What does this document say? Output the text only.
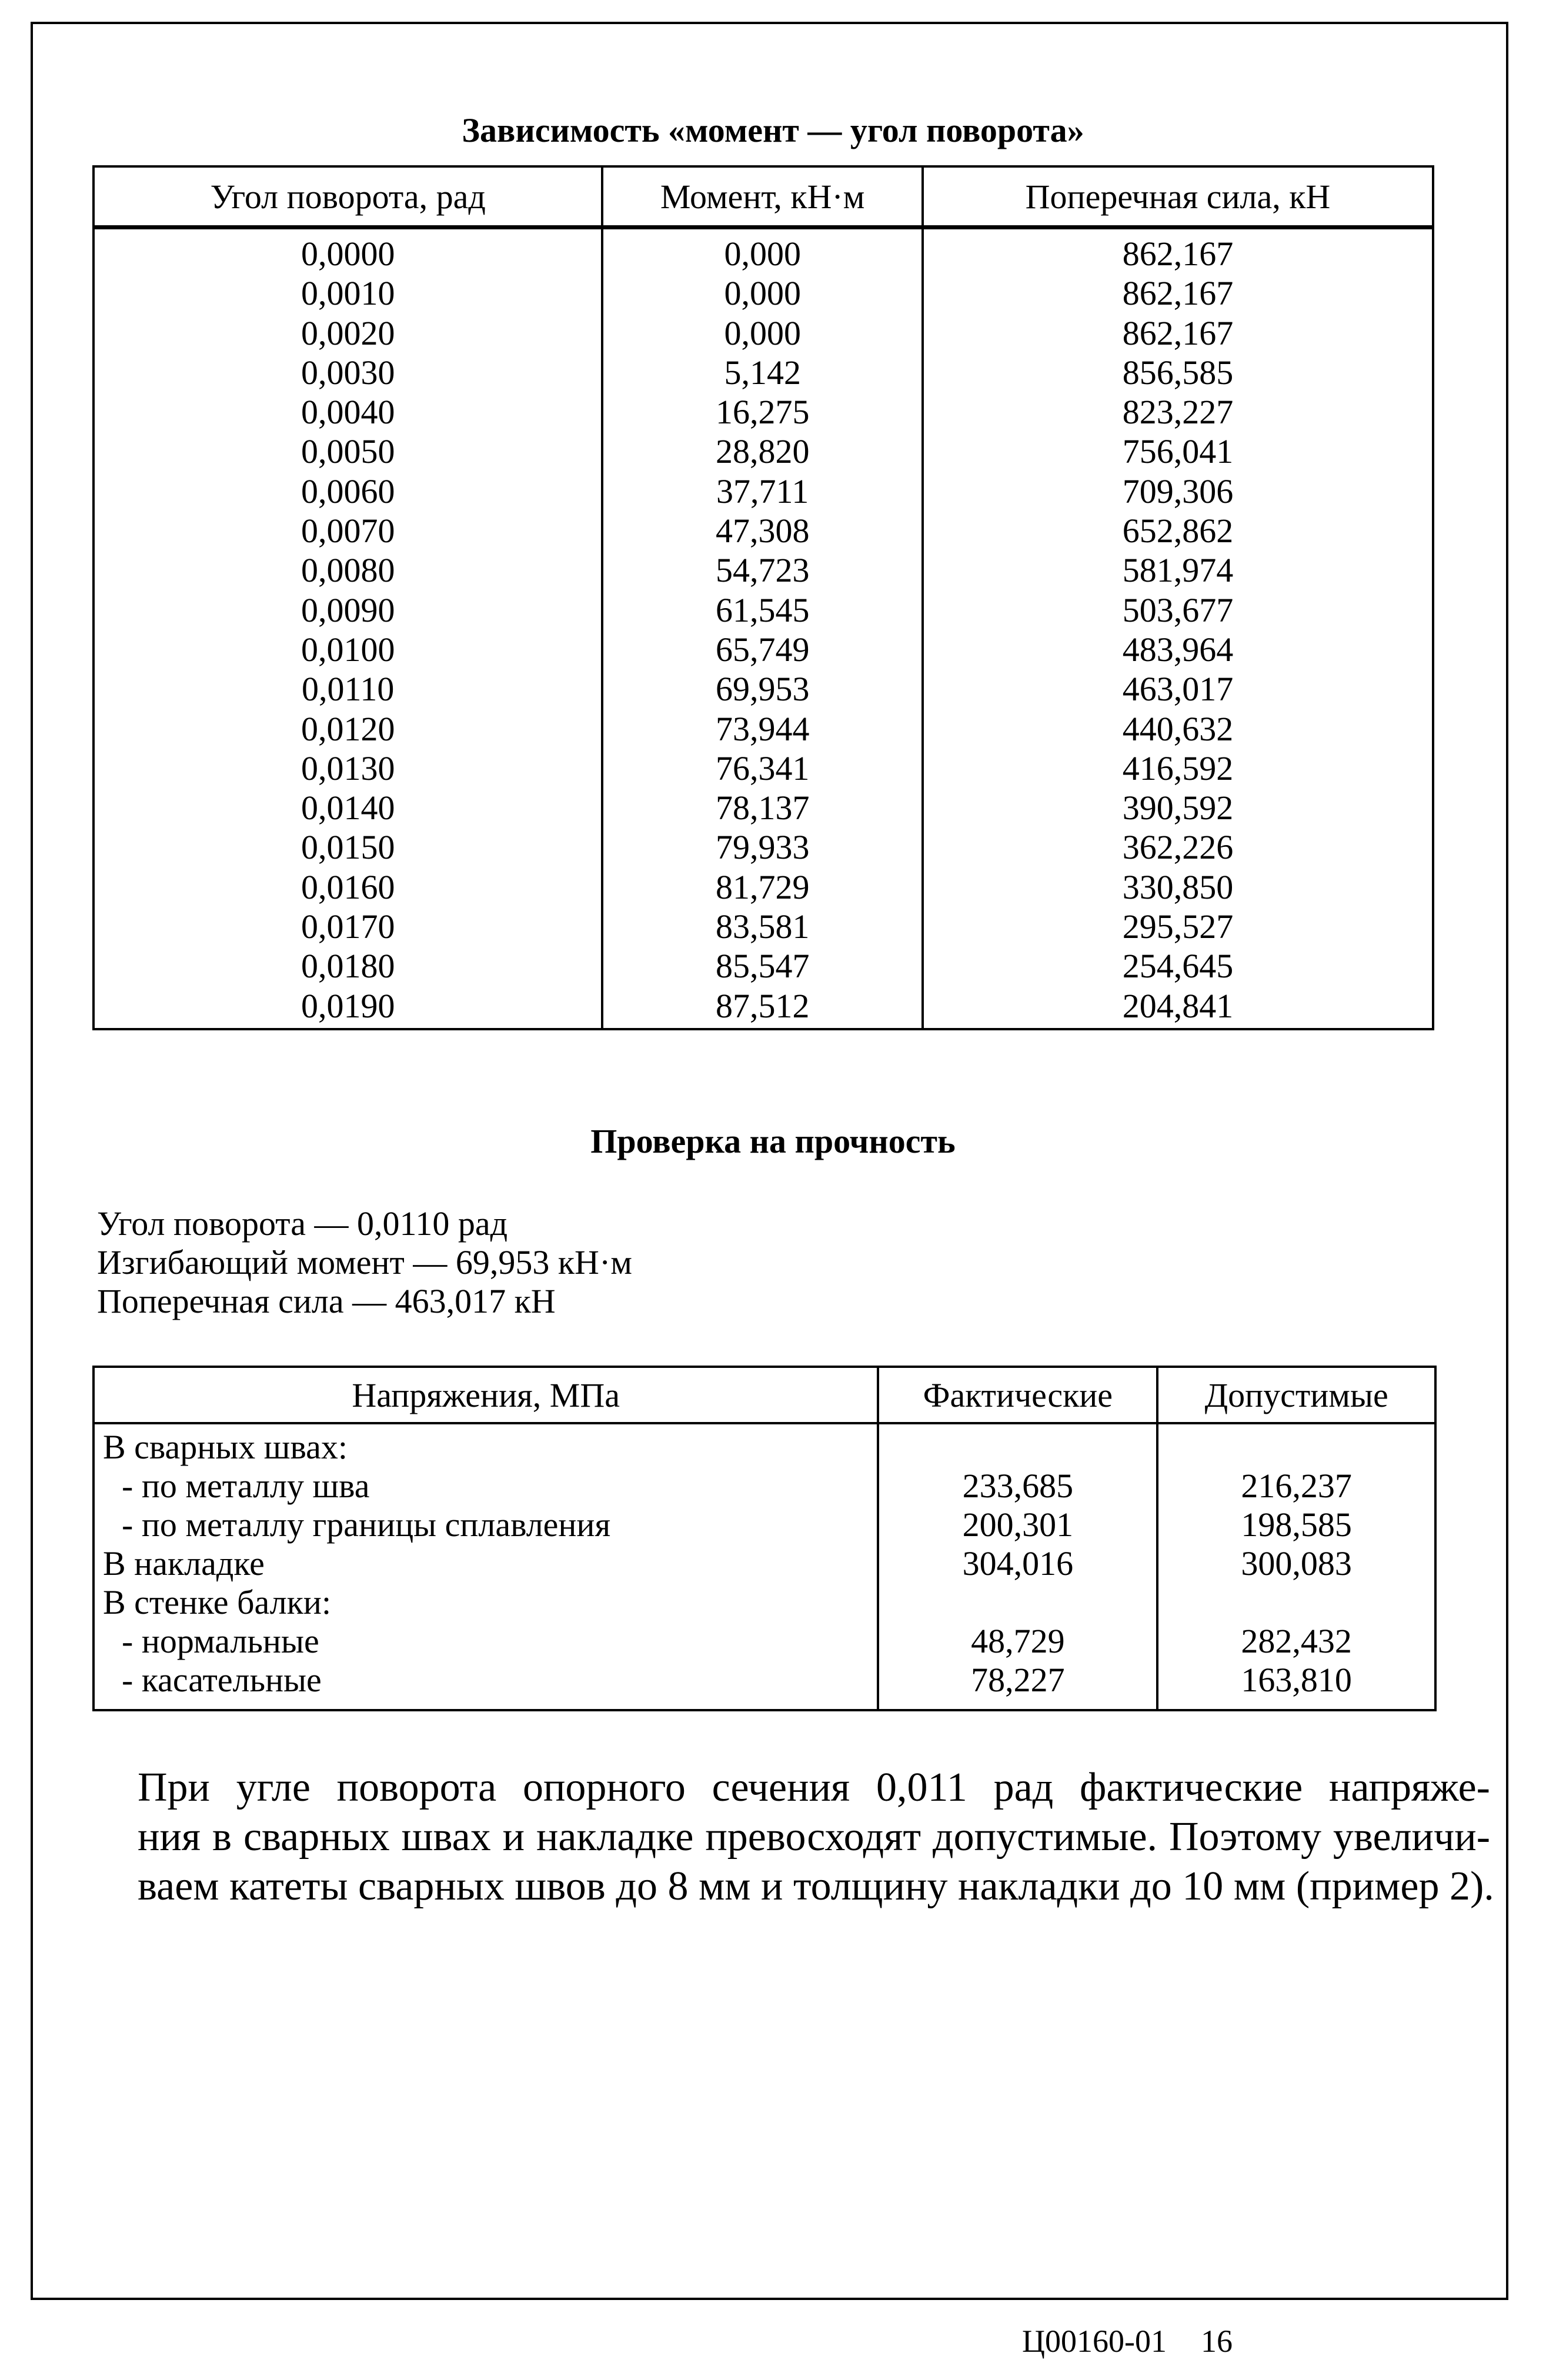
Зависимость «момент — угол поворота»
Угол поворота, рад	Момент, кН·м	Поперечная сила, кН
0,0000	0,000	862,167
0,0010	0,000	862,167
0,0020	0,000	862,167
0,0030	5,142	856,585
0,0040	16,275	823,227
0,0050	28,820	756,041
0,0060	37,711	709,306
0,0070	47,308	652,862
0,0080	54,723	581,974
0,0090	61,545	503,677
0,0100	65,749	483,964
0,0110	69,953	463,017
0,0120	73,944	440,632
0,0130	76,341	416,592
0,0140	78,137	390,592
0,0150	79,933	362,226
0,0160	81,729	330,850
0,0170	83,581	295,527
0,0180	85,547	254,645
0,0190	87,512	204,841
Проверка на прочность
Угол поворота — 0,0110 рад
Изгибающий момент — 69,953 кН·м
Поперечная сила — 463,017 кН
Напряжения, МПа	Фактические	Допустимые
В сварных швах:		
- по металлу шва	233,685	216,237
- по металлу границы сплавления	200,301	198,585
В накладке	304,016	300,083
В стенке балки:		
- нормальные	48,729	282,432
- касательные	78,227	163,810
При угле поворота опорного сечения 0,011 рад фактические напряже-
ния в сварных швах и накладке превосходят допустимые. Поэтому увеличи-
ваем катеты сварных швов до 8 мм и толщину накладки до 10 мм (пример 2).
Ц00160-01 16
